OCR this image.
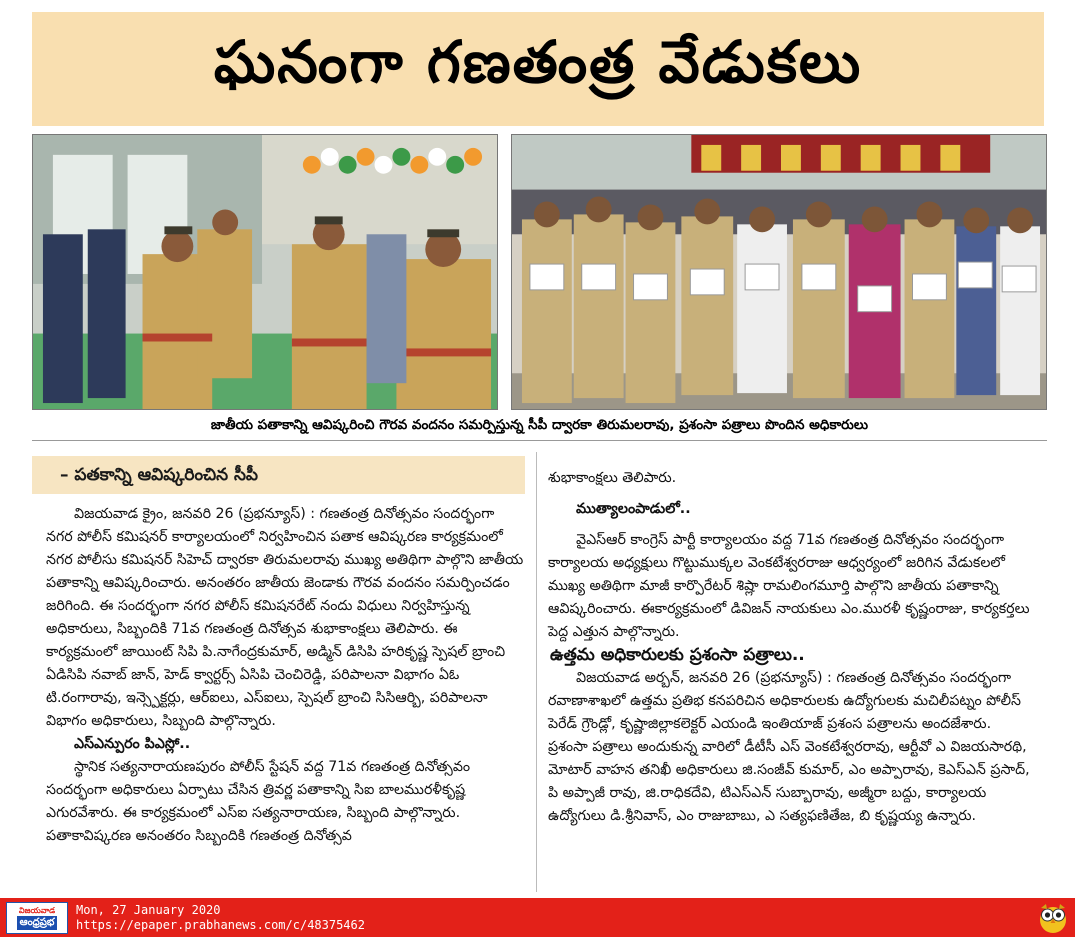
ఘనంగా గణతంత్ర వేడుకలు
జాతీయ పతాకాన్ని ఆవిష్కరించి గౌరవ వందనం సమర్పిస్తున్న సీపీ ద్వారకా తిరుమలరావు, ప్రశంసా పత్రాలు పొందిన అధికారులు
– పతకాన్ని ఆవిష్కరించిన సీపీ

విజయవాడ క్రైం, జనవరి 26 (ప్రభన్యూస్) : గణతంత్ర దినోత్సవం సందర్భంగా నగర పోలీస్ కమిషనర్ కార్యాలయంలో నిర్వహించిన పతాక ఆవిష్కరణ కార్యక్రమంలో నగర పోలీసు కమిషనర్ సిహెచ్ ద్వారకా తిరుమలరావు ముఖ్య అతిథిగా పాల్గొని జాతీయ పతాకాన్ని ఆవిష్కరించారు. అనంతరం జాతీయ జెండాకు గౌరవ వందనం సమర్పించడం జరిగింది. ఈ సందర్భంగా నగర పోలీస్ కమిషనరేట్ నందు విధులు నిర్వహిస్తున్న అధికారులు, సిబ్బందికి 71వ గణతంత్ర దినోత్సవ శుభాకాంక్షలు తెలిపారు. ఈ కార్యక్రమంలో జాయింట్ సిపి పి.నాగేంద్రకుమార్, అడ్మిన్ డిసిపి హరికృష్ణ స్పెషల్ బ్రాంచి ఏడిసిపి నవాబ్ జాన్, హెడ్ క్వార్టర్స్ ఏసిపి చెంచిరెడ్డి, పరిపాలనా విభాగం ఏఓ టి.రంగారావు, ఇన్స్పెక్టర్లు, ఆర్ఐలు, ఎస్ఐలు, స్పెషల్ బ్రాంచి సిసిఆర్బి, పరిపాలనా విభాగం అధికారులు, సిబ్బంది పాల్గొన్నారు.

ఎస్ఎన్పురం పిఎస్లో..

స్థానిక సత్యనారాయణపురం పోలీస్ స్టేషన్ వద్ద 71వ గణతంత్ర దినోత్సవం సందర్భంగా అధికారులు ఏర్పాటు చేసిన త్రివర్ణ పతాకాన్ని సిఐ బాలమురళీకృష్ణ ఎగురవేశారు. ఈ కార్యక్రమంలో ఎస్ఐ సత్యనారాయణ, సిబ్బంది పాల్గొన్నారు. పతాకావిష్కరణ అనంతరం సిబ్బందికి గణతంత్ర దినోత్సవ

శుభాకాంక్షలు తెలిపారు.

ముత్యాలంపాడులో..

వైఎస్ఆర్ కాంగ్రెస్ పార్టీ కార్యాలయం వద్ద 71వ గణతంత్ర దినోత్సవం సందర్భంగా కార్యాలయ అధ్యక్షులు గొట్టుముక్కల వెంకటేశ్వరరాజు ఆధ్వర్యంలో జరిగిన వేడుకలలో ముఖ్య అతిథిగా మాజీ కార్పొరేటర్ శిష్లా రామలింగమూర్తి పాల్గొని జాతీయ పతాకాన్ని ఆవిష్కరించారు. ఈకార్యక్రమంలో డివిజన్ నాయకులు ఎం.మురళీ కృష్ణంరాజు, కార్యకర్తలు పెద్ద ఎత్తున పాల్గొన్నారు.

ఉత్తమ అధికారులకు ప్రశంసా పత్రాలు..

విజయవాడ అర్బన్, జనవరి 26 (ప్రభన్యూస్) : గణతంత్ర దినోత్సవం సందర్భంగా రవాణాశాఖలో ఉత్తమ ప్రతిభ కనపరిచిన అధికారులకు ఉద్యోగులకు మచిలీపట్నం పోలీస్ పెరేడ్ గ్రౌండ్లో, కృష్ణాజిల్లాకలెక్టర్ ఎయండి ఇంతియాజ్ ప్రశంస పత్రాలను అందజేశారు. ప్రశంసా పత్రాలు అందుకున్న వారిలో డీటీసీ ఎస్ వెంకటేశ్వరరావు, ఆర్టీవో ఎ విజయసారథి, మోటార్ వాహన తనిఖీ అధికారులు జి.సంజీవ్ కుమార్, ఎం అప్పారావు, కెఎస్ఎన్ ప్రసాద్, పి అప్పాజీ రావు, జి.రాధికదేవి, టిఎస్ఎన్ సుబ్బారావు, అజ్మీరా బద్దు, కార్యాలయ ఉద్యోగులు డి.శ్రీనివాస్, ఎం రాజుబాబు, ఎ సత్యఫణితేజ, బి కృష్ణయ్య ఉన్నారు.

విజయవాడ
ఆంధ్రప్రభ
Mon, 27 January 2020
https://epaper.prabhanews.com/c/48375462
